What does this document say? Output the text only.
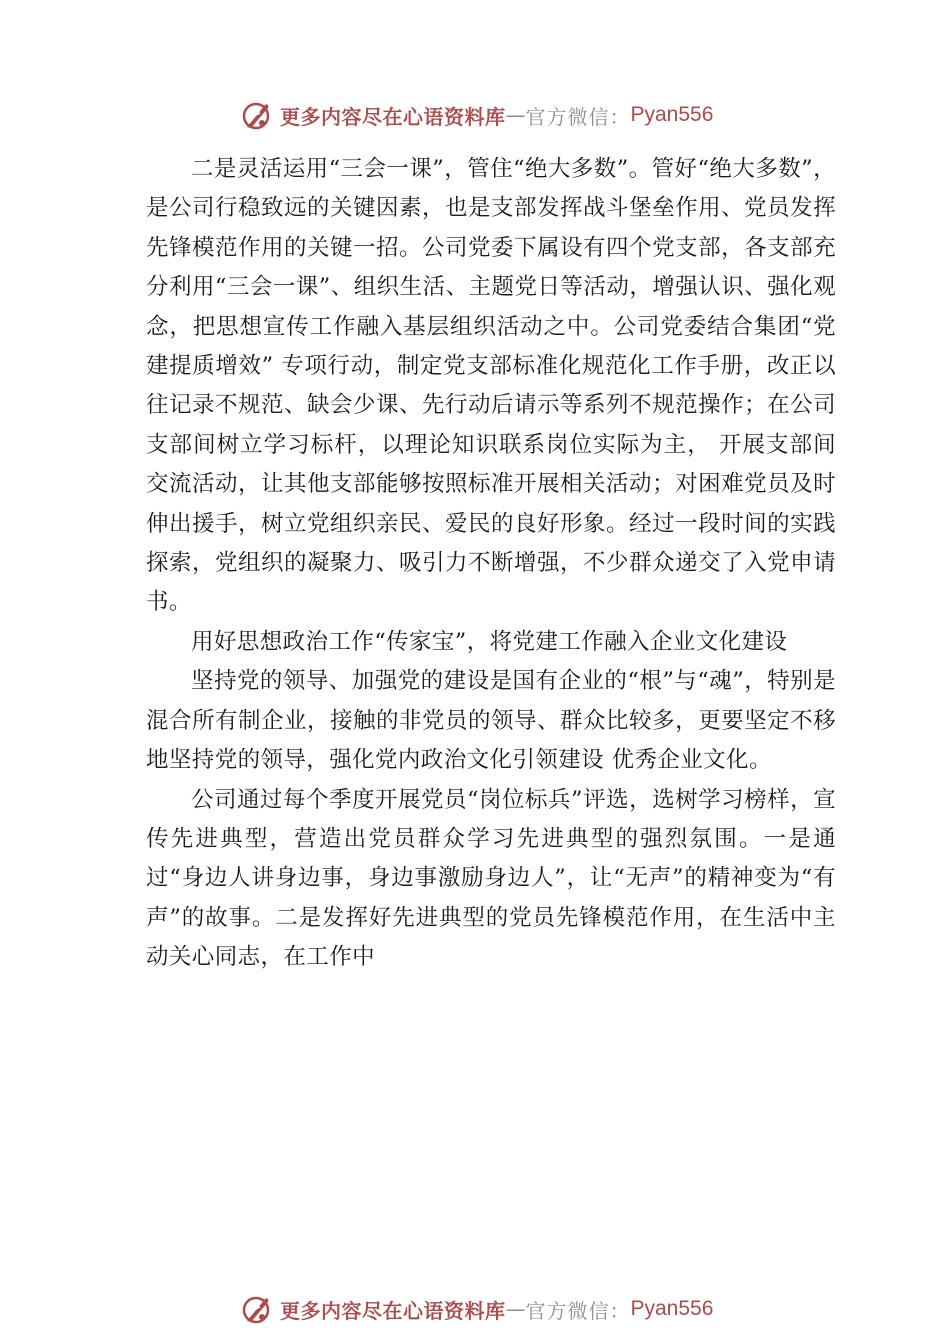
更多内容尽在心语资料库 — 官方微信： Pyan556

二是灵活运用“三会一课”，管住“绝大多数”。管好“绝大多数”，是公司行稳致远的关键因素，也是支部发挥战斗堡垒作用、党员发挥先锋模范作用的关键一招。公司党委下属设有四个党支部，各支部充分利用“三会一课”、组织生活、主题党日等活动，增强认识、强化观念，把思想宣传工作融入基层组织活动之中。公司党委结合集团“党建提质增效” 专项行动，制定党支部标准化规范化工作手册，改正以往记录不规范、缺会少课、先行动后请示等系列不规范操作；在公司支部间树立学习标杆，以理论知识联系岗位实际为主， 开展支部间交流活动，让其他支部能够按照标准开展相关活动；对困难党员及时伸出援手，树立党组织亲民、爱民的良好形象。经过一段时间的实践探索，党组织的凝聚力、吸引力不断增强，不少群众递交了入党申请书。

用好思想政治工作“传家宝”，将党建工作融入企业文化建设

坚持党的领导、加强党的建设是国有企业的“根”与“魂”，特别是混合所有制企业，接触的非党员的领导、群众比较多，更要坚定不移地坚持党的领导，强化党内政治文化引领建设 优秀企业文化。

公司通过每个季度开展党员“岗位标兵”评选，选树学习榜样，宣传先进典型，营造出党员群众学习先进典型的强烈氛围。一是通过“身边人讲身边事，身边事激励身边人”，让“无声”的精神变为“有声”的故事。二是发挥好先进典型的党员先锋模范作用，在生活中主动关心同志，在工作中

更多内容尽在心语资料库 — 官方微信： Pyan556
